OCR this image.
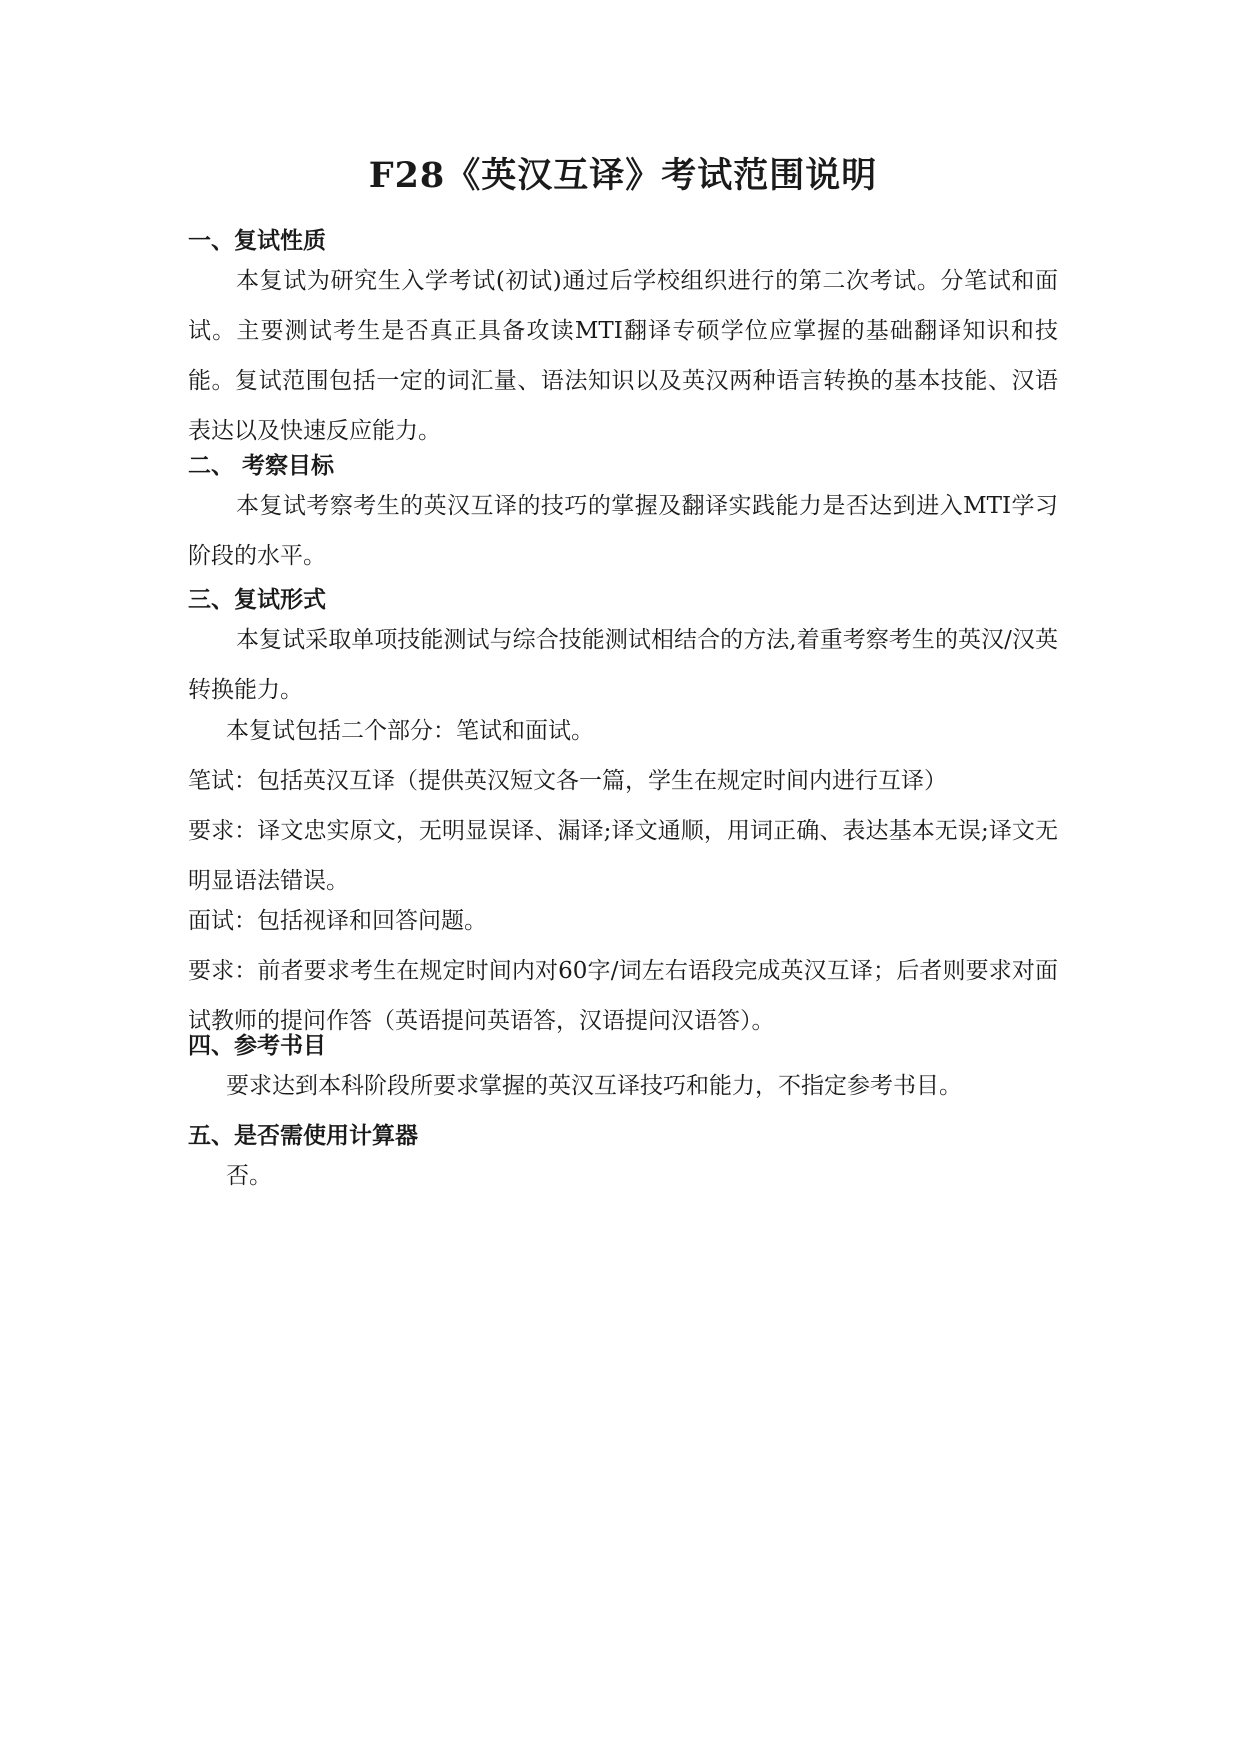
F28《英汉互译》考试范围说明
一、复试性质

本复试为研究生入学考试(初试)通过后学校组织进行的第二次考试。分笔试和面试。主要测试考生是否真正具备攻读MTI翻译专硕学位应掌握的基础翻译知识和技能。复试范围包括一定的词汇量、语法知识以及英汉两种语言转换的基本技能、汉语表达以及快速反应能力。

二、 考察目标

本复试考察考生的英汉互译的技巧的掌握及翻译实践能力是否达到进入MTI学习阶段的水平。

三、复试形式

本复试采取单项技能测试与综合技能测试相结合的方法,着重考察考生的英汉/汉英转换能力。

本复试包括二个部分：笔试和面试。

笔试：包括英汉互译（提供英汉短文各一篇，学生在规定时间内进行互译）

要求：译文忠实原文，无明显误译、漏译;译文通顺，用词正确、表达基本无误;译文无明显语法错误。

面试：包括视译和回答问题。

要求：前者要求考生在规定时间内对60字/词左右语段完成英汉互译；后者则要求对面试教师的提问作答（英语提问英语答，汉语提问汉语答）。

四、参考书目

要求达到本科阶段所要求掌握的英汉互译技巧和能力，不指定参考书目。

五、是否需使用计算器

否。
